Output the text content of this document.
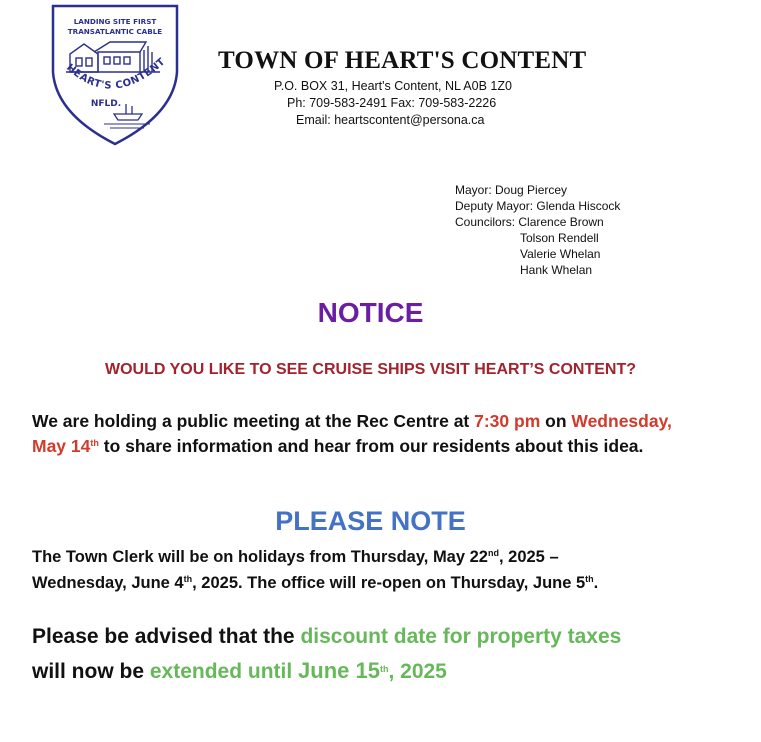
LANDING SITE FIRST
TRANSATLANTIC CABLE
HEART'S CONTENT
NFLD.
TOWN OF HEART'S CONTENT
P.O. BOX 31, Heart's Content, NL A0B 1Z0
Ph: 709-583-2491 Fax: 709-583-2226
Email: heartscontent@persona.ca
Mayor: Doug Piercey
Deputy Mayor: Glenda Hiscock
Councilors: Clarence Brown
Tolson Rendell
Valerie Whelan
Hank Whelan
NOTICE
WOULD YOU LIKE TO SEE CRUISE SHIPS VISIT HEART’S CONTENT?
We are holding a public meeting at the Rec Centre at 7:30 pm on Wednesday,
May 14th to share information and hear from our residents about this idea.
PLEASE NOTE
The Town Clerk will be on holidays from Thursday, May 22nd, 2025 –
Wednesday, June 4th, 2025. The office will re-open on Thursday, June 5th.
Please be advised that the discount date for property taxes
will now be extended until June 15th, 2025
